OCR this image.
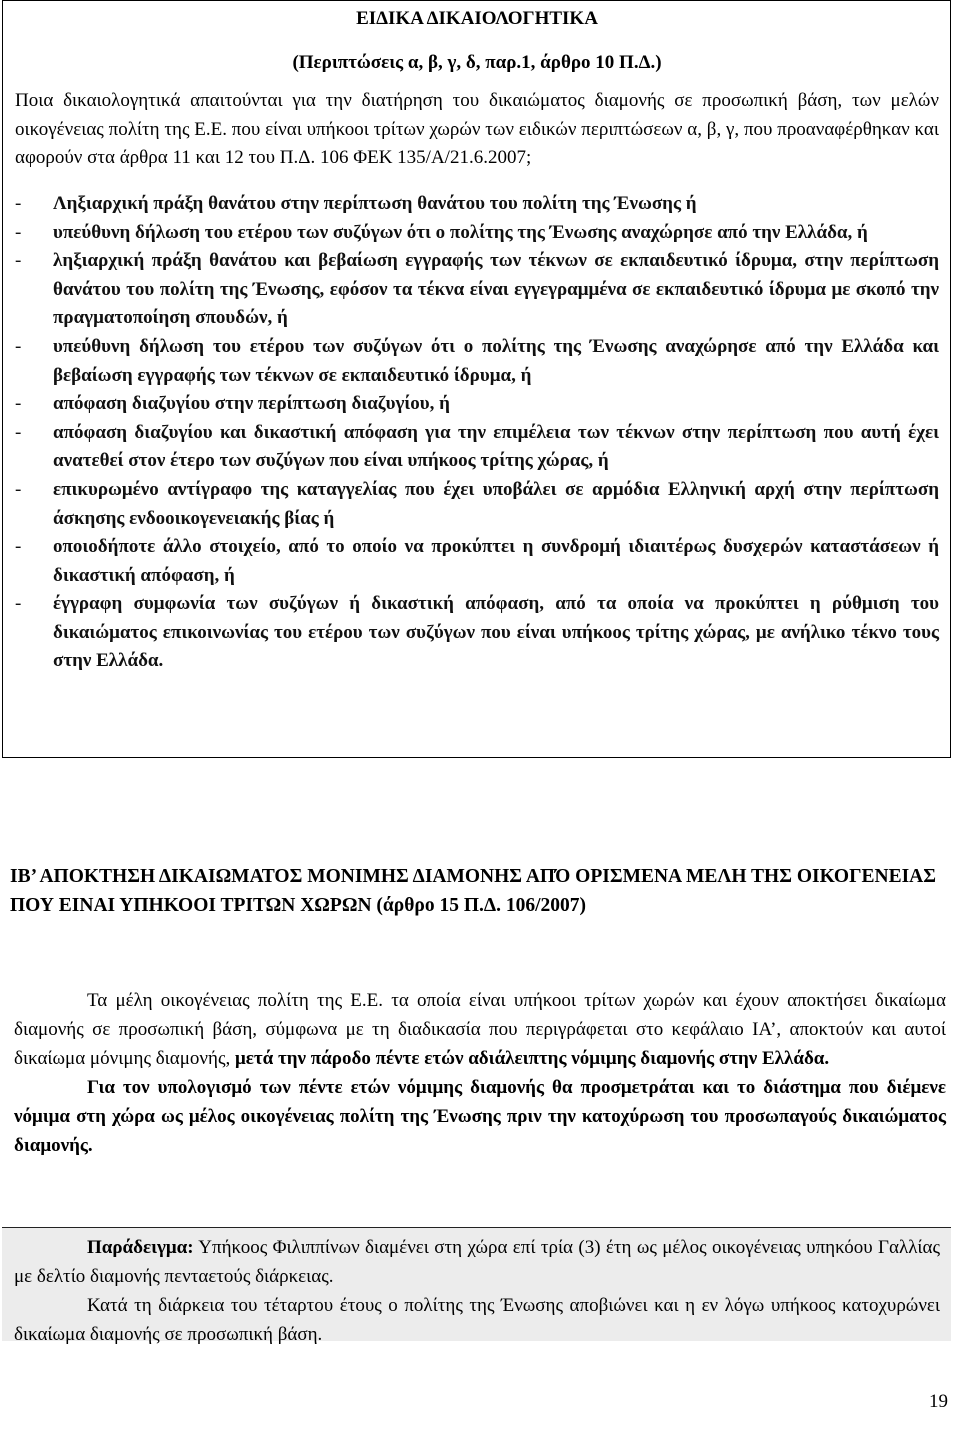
ΕΙΔΙΚΑ ΔΙΚΑΙΟΛΟΓΗΤΙΚΑ

(Περιπτώσεις α, β, γ, δ, παρ.1, άρθρο 10 Π.Δ.)

Ποια δικαιολογητικά απαιτούνται για την διατήρηση του δικαιώματος διαμονής σε προσωπική βάση, των μελών οικογένειας πολίτη της Ε.Ε. που είναι υπήκοοι τρίτων χωρών των ειδικών περιπτώσεων α, β, γ, που προαναφέρθηκαν και αφορούν στα άρθρα 11 και 12 του Π.Δ. 106 ΦΕΚ 135/Α/21.6.2007;

- Ληξιαρχική πράξη θανάτου στην περίπτωση θανάτου του πολίτη της Ένωσης ή
- υπεύθυνη δήλωση του ετέρου των συζύγων ότι ο πολίτης της Ένωσης αναχώρησε από την Ελλάδα, ή
- ληξιαρχική πράξη θανάτου και βεβαίωση εγγραφής των τέκνων σε εκπαιδευτικό ίδρυμα, στην περίπτωση θανάτου του πολίτη της Ένωσης, εφόσον τα τέκνα είναι εγγεγραμμένα σε εκπαιδευτικό ίδρυμα με σκοπό την πραγματοποίηση σπουδών, ή
- υπεύθυνη δήλωση του ετέρου των συζύγων ότι ο πολίτης της Ένωσης αναχώρησε από την Ελλάδα και βεβαίωση εγγραφής των τέκνων σε εκπαιδευτικό ίδρυμα, ή
- απόφαση διαζυγίου στην περίπτωση διαζυγίου, ή
- απόφαση διαζυγίου και δικαστική απόφαση για την επιμέλεια των τέκνων στην περίπτωση που αυτή έχει ανατεθεί στον έτερο των συζύγων που είναι υπήκοος τρίτης χώρας, ή
- επικυρωμένο αντίγραφο της καταγγελίας που έχει υποβάλει σε αρμόδια Ελληνική αρχή στην περίπτωση άσκησης ενδοοικογενειακής βίας ή
- οποιοδήποτε άλλο στοιχείο, από το οποίο να προκύπτει η συνδρομή ιδιαιτέρως δυσχερών καταστάσεων ή δικαστική απόφαση, ή
- έγγραφη συμφωνία των συζύγων ή δικαστική απόφαση, από τα οποία να προκύπτει η ρύθμιση του δικαιώματος επικοινωνίας του ετέρου των συζύγων που είναι υπήκοος τρίτης χώρας, με ανήλικο τέκνο τους στην Ελλάδα.

ΙΒ’ ΑΠΟΚΤΗΣΗ ΔΙΚΑΙΩΜΑΤΟΣ ΜΟΝΙΜΗΣ ΔΙΑΜΟΝΗΣ ΑΠΌ ΟΡΙΣΜΕΝΑ ΜΕΛΗ ΤΗΣ ΟΙΚΟΓΕΝΕΙΑΣ ΠΟΥ ΕΙΝΑΙ ΥΠΗΚΟΟΙ ΤΡΙΤΩΝ ΧΩΡΩΝ (άρθρο 15 Π.Δ. 106/2007)

Τα μέλη οικογένειας πολίτη της Ε.Ε. τα οποία είναι υπήκοοι τρίτων χωρών και έχουν αποκτήσει δικαίωμα διαμονής σε προσωπική βάση, σύμφωνα με τη διαδικασία που περιγράφεται στο κεφάλαιο ΙΑ’, αποκτούν και αυτοί δικαίωμα μόνιμης διαμονής, μετά την πάροδο πέντε ετών αδιάλειπτης νόμιμης διαμονής στην Ελλάδα.

Για τον υπολογισμό των πέντε ετών νόμιμης διαμονής θα προσμετράται και το διάστημα που διέμενε νόμιμα στη χώρα ως μέλος οικογένειας πολίτη της Ένωσης πριν την κατοχύρωση του προσωπαγούς δικαιώματος διαμονής.

Παράδειγμα: Υπήκοος Φιλιππίνων διαμένει στη χώρα επί τρία (3) έτη ως μέλος οικογένειας υπηκόου Γαλλίας με δελτίο διαμονής πενταετούς διάρκειας.

Κατά τη διάρκεια του τέταρτου έτους ο πολίτης της Ένωσης αποβιώνει και η εν λόγω υπήκοος κατοχυρώνει δικαίωμα διαμονής σε προσωπική βάση.

19
